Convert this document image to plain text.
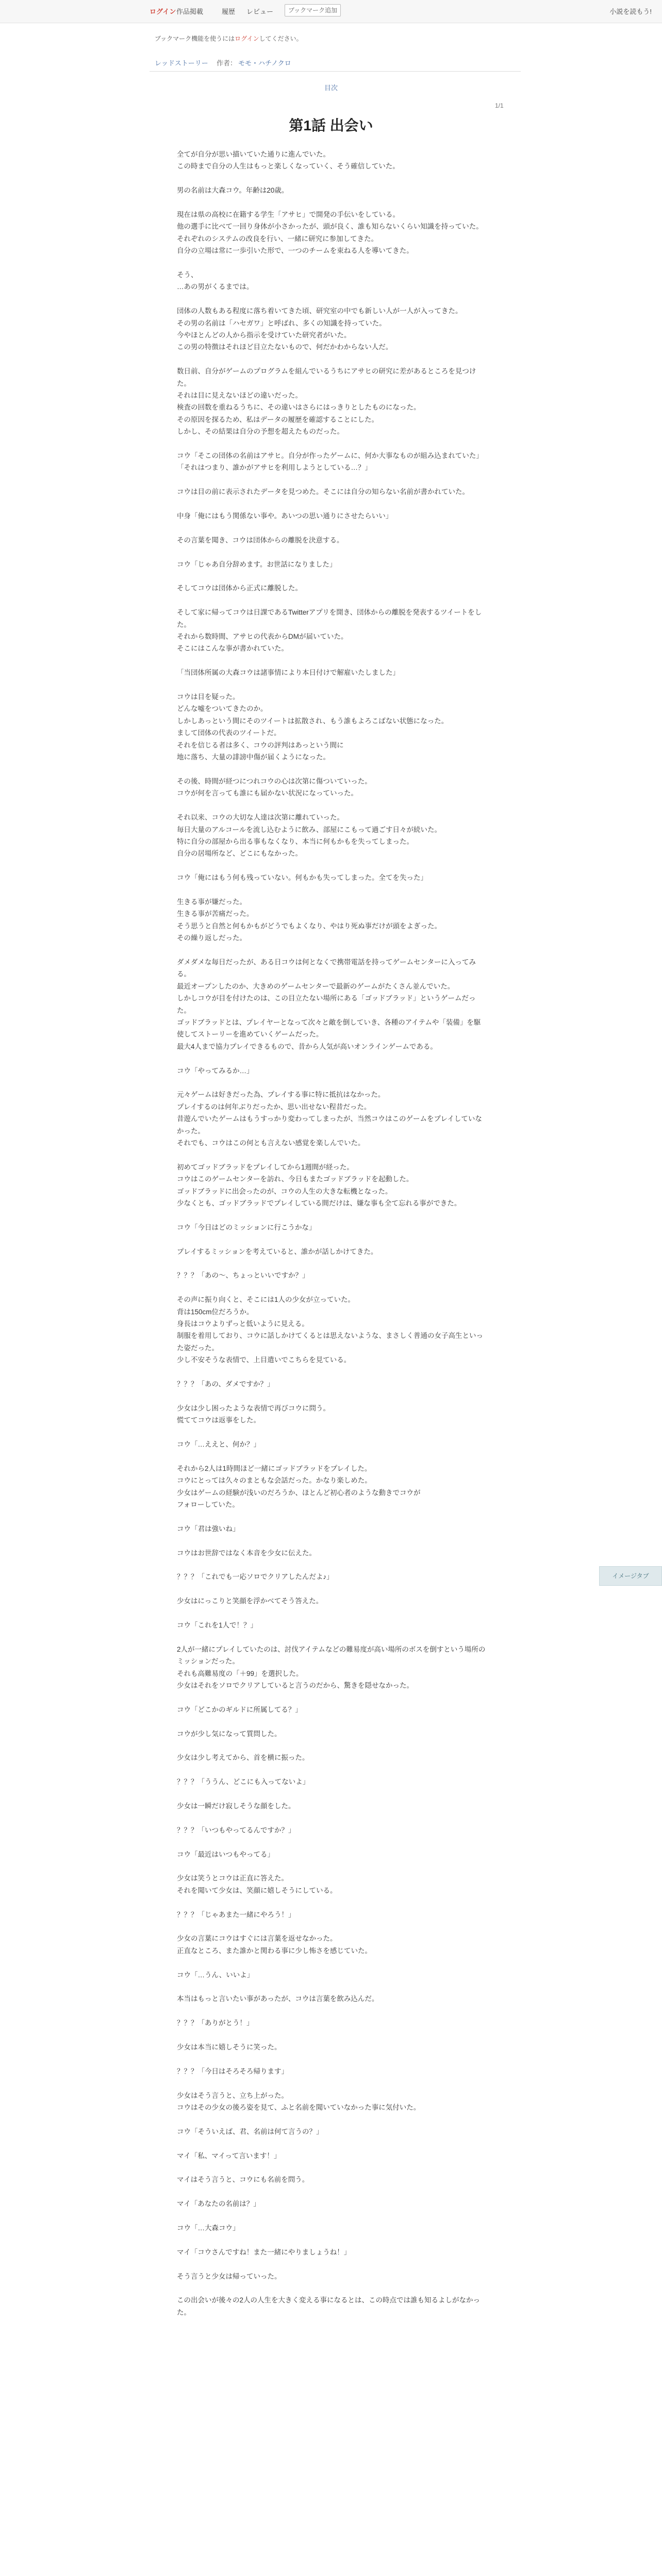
ログイン 作品掲載	履歴 レビュー	ブックマーク追加	小説を読もう!
ブックマーク機能を使うにはログインしてください。
レッドストーリー 作者： モモ・ハチノクロ
目次
1/1
第1話 出会い

全てが自分が思い描いていた通りに進んでいた。
この時まで自分の人生はもっと楽しくなっていく、そう確信していた。

男の名前は大森コウ。年齢は20歳。

現在は県の高校に在籍する学生「アサヒ」で開発の手伝いをしている。
他の選手に比べて一回り身体が小さかったが、頭が良く、誰も知らないくらい知識を持っていた。
それぞれのシステムの改良を行い、一緒に研究に参加してきた。
自分の立場は常に一歩引いた形で、一つのチームを束ねる人を導いてきた。

そう、
…あの男がくるまでは。

団体の人数もある程度に落ち着いてきた頃、研究室の中でも新しい人が一人が入ってきた。
その男の名前は「ハセガワ」と呼ばれ、多くの知識を持っていた。
今やほとんどの人から指示を受けていた研究者がいた。
この男の特徴はそれほど目立たないもので、何だかわからない人だ。

数日前、自分がゲームのプログラムを組んでいるうちにアサヒの研究に差があるところを見つけた。
それは目に見えないほどの違いだった。
検査の回数を重ねるうちに、その違いはさらにはっきりとしたものになった。
その原因を探るため、私はデータの履歴を確認することにした。
しかし、その結果は自分の予想を超えたものだった。

コウ「そこの団体の名前はアサヒ。自分が作ったゲームに、何か大事なものが組み込まれていた」
「それはつまり、誰かがアサヒを利用しようとしている…？」

コウは目の前に表示されたデータを見つめた。そこには自分の知らない名前が書かれていた。

中身「俺にはもう関係ない事や。あいつの思い通りにさせたらいい」

その言葉を聞き、コウは団体からの離脱を決意する。

コウ「じゃあ自分辞めます。お世話になりました」

そしてコウは団体から正式に離脱した。

そして家に帰ってコウは日課であるTwitterアプリを開き、団体からの離脱を発表するツイートをした。
それから数時間、アサヒの代表からDMが届いていた。
そこにはこんな事が書かれていた。

「当団体所属の大森コウは諸事情により本日付けで解雇いたしました」

コウは目を疑った。
どんな嘘をついてきたのか。
しかしあっという間にそのツイートは拡散され、もう誰もよろこばない状態になった。
まして団体の代表のツイートだ。
それを信じる者は多く、コウの評判はあっという間に
地に落ち、大量の誹謗中傷が届くようになった。

その後、時間が経つにつれコウの心は次第に傷ついていった。
コウが何を言っても誰にも届かない状況になっていった。

それ以来、コウの大切な人達は次第に離れていった。
毎日大量のアルコールを流し込むように飲み、部屋にこもって過ごす日々が続いた。
特に自分の部屋から出る事もなくなり、本当に何もかもを失ってしまった。
自分の居場所など、どこにもなかった。

コウ「俺にはもう何も残っていない。何もかも失ってしまった。全てを失った」

生きる事が嫌だった。
生きる事が苦痛だった。
そう思うと自然と何もかもがどうでもよくなり、やはり死ぬ事だけが頭をよぎった。
その繰り返しだった。

ダメダメな毎日だったが、ある日コウは何となくで携帯電話を持ってゲームセンターに入ってみる。
最近オープンしたのか、大きめのゲームセンターで最新のゲームがたくさん並んでいた。
しかしコウが目を付けたのは、この目立たない場所にある「ゴッドブラッド」というゲームだった。
ゴッドブラッドとは、プレイヤーとなって次々と敵を倒していき、各種のアイテムや「装備」を駆使してストーリーを進めていくゲームだった。
最大4人まで協力プレイできるもので、昔から人気が高いオンラインゲームである。

コウ「やってみるか…」

元々ゲームは好きだった為、プレイする事に特に抵抗はなかった。
プレイするのは何年ぶりだったか、思い出せない程昔だった。
昔遊んでいたゲームはもうすっかり変わってしまったが、当然コウはこのゲームをプレイしていなかった。
それでも、コウはこの何とも言えない感覚を楽しんでいた。

初めてゴッドブラッドをプレイしてから1週間が経った。
コウはこのゲームセンターを訪れ、今日もまたゴッドブラッドを起動した。
ゴッドブラッドに出会ったのが、コウの人生の大きな転機となった。
少なくとも、ゴッドブラッドでプレイしている間だけは、嫌な事も全て忘れる事ができた。

コウ「今日はどのミッションに行こうかな」

プレイするミッションを考えていると、誰かが話しかけてきた。

？？？「あの〜、ちょっといいですか？」

その声に振り向くと、そこには1人の少女が立っていた。
背は150cm位だろうか。
身長はコウよりずっと低いように見える。
制服を着用しており、コウに話しかけてくるとは思えないような、まさしく普通の女子高生といった姿だった。
少し不安そうな表情で、上目遣いでこちらを見ている。

？？？「あの、ダメですか？」

少女は少し困ったような表情で再びコウに問う。
慌ててコウは返事をした。

コウ「…ええと、何か？」

それから2人は1時間ほど一緒にゴッドブラッドをプレイした。
コウにとっては久々のまともな会話だった。かなり楽しめた。
少女はゲームの経験が浅いのだろうか、ほとんど初心者のような動きでコウが
フォローしていた。

コウ「君は強いね」

コウはお世辞ではなく本音を少女に伝えた。

？？？「これでも一応ソロでクリアしたんだよ♪」

少女はにっこりと笑顔を浮かべてそう答えた。

コウ「これを1人で！？」

2人が一緒にプレイしていたのは、討伐アイテムなどの難易度が高い場所のボスを倒すという場所のミッションだった。
それも高難易度の「＋99」を選択した。
少女はそれをソロでクリアしていると言うのだから、驚きを隠せなかった。

コウ「どこかのギルドに所属してる？」

コウが少し気になって質問した。

少女は少し考えてから、首を横に振った。

？？？「ううん、どこにも入ってないよ」

少女は一瞬だけ寂しそうな顔をした。

？？？「いつもやってるんですか？」

コウ「最近はいつもやってる」

少女は笑うとコウは正直に答えた。
それを聞いて少女は、笑顔に嬉しそうにしている。

？？？「じゃあまた一緒にやろう！」

少女の言葉にコウはすぐには言葉を返せなかった。
正直なところ、また誰かと関わる事に少し怖さを感じていた。

コウ「…うん、いいよ」

本当はもっと言いたい事があったが、コウは言葉を飲み込んだ。

？？？「ありがとう！」

少女は本当に嬉しそうに笑った。

？？？「今日はそろそろ帰ります」

少女はそう言うと、立ち上がった。
コウはその少女の後ろ姿を見て、ふと名前を聞いていなかった事に気付いた。

コウ「そういえば、君、名前は何て言うの？」

マイ「私、マイって言います！」

マイはそう言うと、コウにも名前を問う。

マイ「あなたの名前は？」

コウ「…大森コウ」

マイ「コウさんですね！また一緒にやりましょうね！」

そう言うと少女は帰っていった。

この出会いが後々の2人の人生を大きく変える事になるとは、この時点では誰も知るよしがなかった。

イメージタブ
